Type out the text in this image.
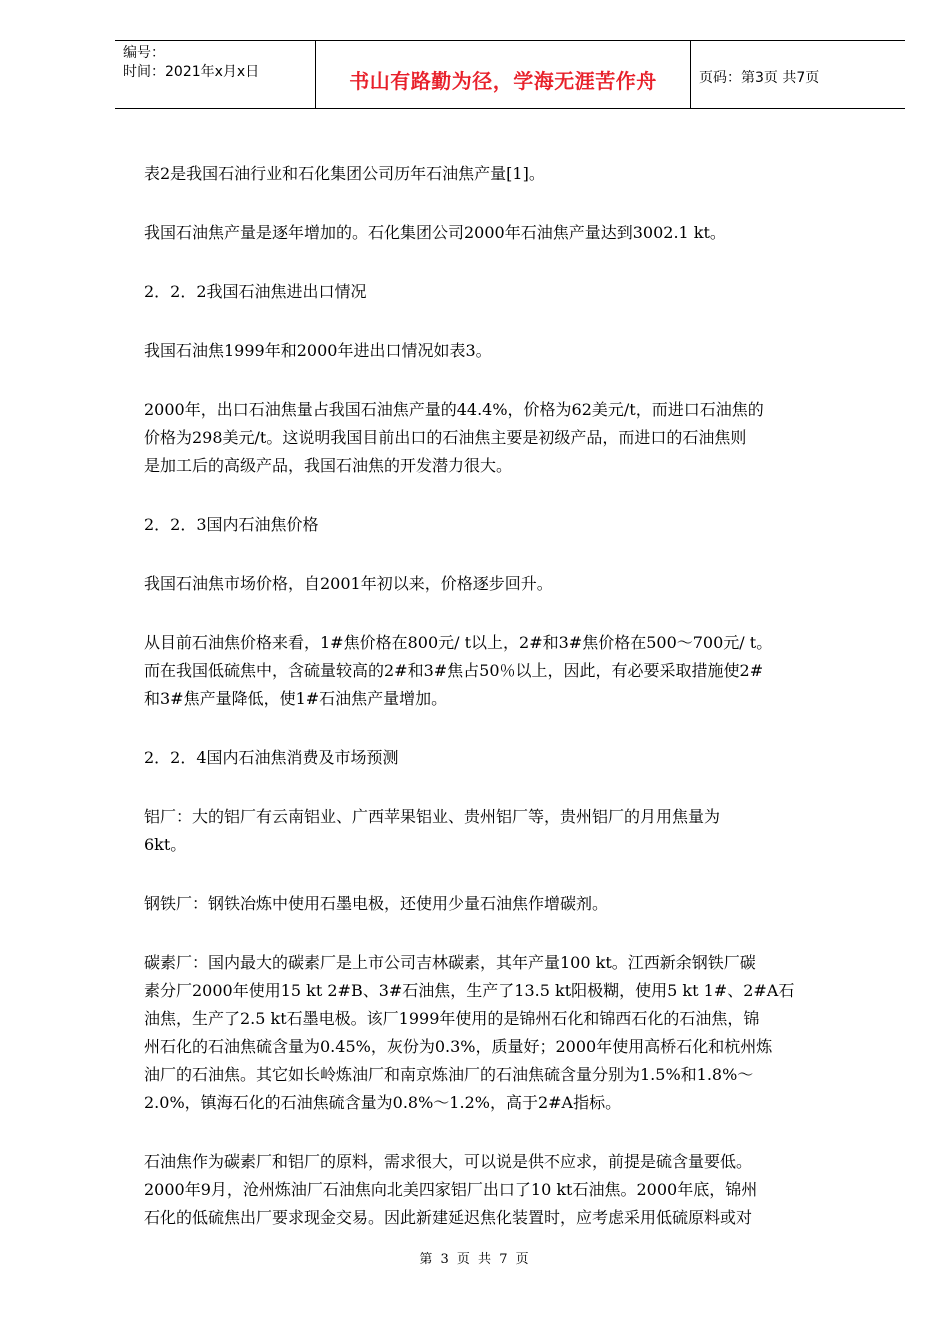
编号：
时间：2021年x月x日	书山有路勤为径，学海无涯苦作舟	页码：第3页 共7页

表2是我国石油行业和石化集团公司历年石油焦产量[1]。

我国石油焦产量是逐年增加的。石化集团公司2000年石油焦产量达到3002.1 kt。

2．2．2我国石油焦进出口情况

我国石油焦1999年和2000年进出口情况如表3。

2000年，出口石油焦量占我国石油焦产量的44.4%，价格为62美元/t，而进口石油焦的
价格为298美元/t。这说明我国目前出口的石油焦主要是初级产品，而进口的石油焦则
是加工后的高级产品，我国石油焦的开发潜力很大。

2．2．3国内石油焦价格

我国石油焦市场价格，自2001年初以来，价格逐步回升。

从目前石油焦价格来看，1#焦价格在800元/ t以上，2#和3#焦价格在500～700元/ t。
而在我国低硫焦中，含硫量较高的2#和3#焦占50％以上，因此，有必要采取措施使2#
和3#焦产量降低，使1#石油焦产量增加。

2．2．4国内石油焦消费及市场预测

铝厂：大的铝厂有云南铝业、广西苹果铝业、贵州铝厂等，贵州铝厂的月用焦量为
6kt。

钢铁厂：钢铁冶炼中使用石墨电极，还使用少量石油焦作增碳剂。

碳素厂：国内最大的碳素厂是上市公司吉林碳素，其年产量100 kt。江西新余钢铁厂碳
素分厂2000年使用15 kt 2#B、3#石油焦，生产了13.5 kt阳极糊，使用5 kt 1#、2#A石
油焦，生产了2.5 kt石墨电极。该厂1999年使用的是锦州石化和锦西石化的石油焦，锦
州石化的石油焦硫含量为0.45%，灰份为0.3%，质量好；2000年使用高桥石化和杭州炼
油厂的石油焦。其它如长岭炼油厂和南京炼油厂的石油焦硫含量分别为1.5%和1.8%～
2.0%，镇海石化的石油焦硫含量为0.8%～1.2%，高于2#A指标。

石油焦作为碳素厂和铝厂的原料，需求很大，可以说是供不应求，前提是硫含量要低。
2000年9月，沧州炼油厂石油焦向北美四家铝厂出口了10 kt石油焦。2000年底，锦州
石化的低硫焦出厂要求现金交易。因此新建延迟焦化装置时，应考虑采用低硫原料或对

第 3 页 共 7 页
